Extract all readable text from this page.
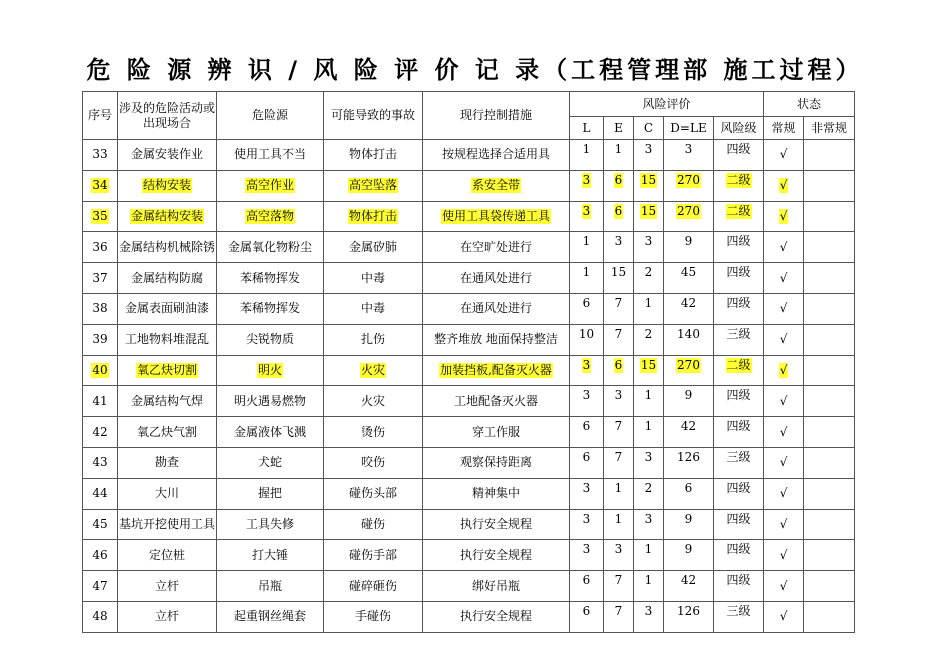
危 险 源 辨 识 / 风 险 评 价 记 录（工程管理部 施工过程）
序号	涉及的危险活动或出现场合	危险源	可能导致的事故	现行控制措施	风险评价					状态	
					L	E	C	D=LE	风险级	常规	非常规
33	金属安装作业	使用工具不当	物体打击	按规程选择合适用具	1	1	3	3	四级	√	
34	结构安装	高空作业	高空坠落	系安全带	3	6	15	270	二级	√	
35	金属结构安装	高空落物	物体打击	使用工具袋传递工具	3	6	15	270	二级	√	
36	金属结构机械除锈	金属氧化物粉尘	金属矽肺	在空旷处进行	1	3	3	9	四级	√	
37	金属结构防腐	苯稀物挥发	中毒	在通风处进行	1	15	2	45	四级	√	
38	金属表面刷油漆	苯稀物挥发	中毒	在通风处进行	6	7	1	42	四级	√	
39	工地物料堆混乱	尖锐物质	扎伤	整齐堆放 地面保持整洁	10	7	2	140	三级	√	
40	氧乙炔切割	明火	火灾	加装挡板,配备灭火器	3	6	15	270	二级	√	
41	金属结构气焊	明火遇易燃物	火灾	工地配备灭火器	3	3	1	9	四级	√	
42	氧乙炔气割	金属液体飞溅	烫伤	穿工作服	6	7	1	42	四级	√	
43	勘查	犬蛇	咬伤	观察保持距离	6	7	3	126	三级	√	
44	大川	握把	碰伤头部	精神集中	3	1	2	6	四级	√	
45	基坑开挖使用工具	工具失修	碰伤	执行安全规程	3	1	3	9	四级	√	
46	定位桩	打大锤	碰伤手部	执行安全规程	3	3	1	9	四级	√	
47	立杆	吊瓶	碰碎砸伤	绑好吊瓶	6	7	1	42	四级	√	
48	立杆	起重钢丝绳套	手碰伤	执行安全规程	6	7	3	126	三级	√	
